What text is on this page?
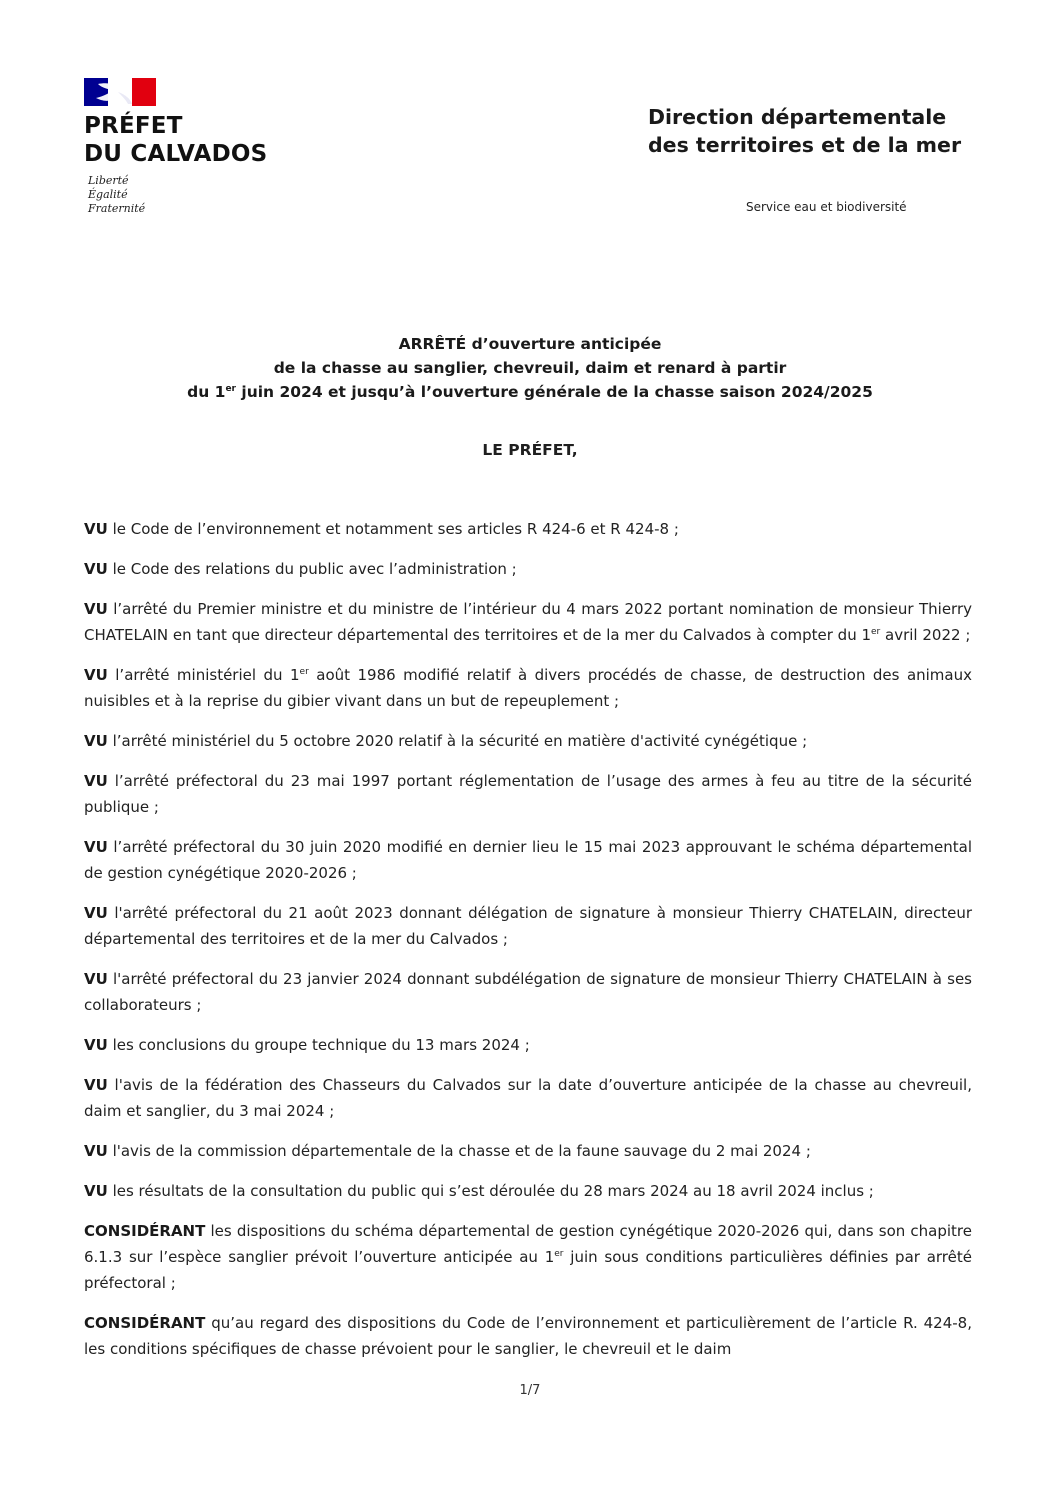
PRÉFET
DU CALVADOS
Liberté
Égalité
Fraternité
Direction départementale
des territoires et de la mer
Service eau et biodiversité
ARRÊTÉ d’ouverture anticipée
de la chasse au sanglier, chevreuil, daim et renard à partir
du 1er juin 2024 et jusqu’à l’ouverture générale de la chasse saison 2024/2025
LE PRÉFET,

VU le Code de l’environnement et notamment ses articles R 424-6 et R 424-8 ;

VU le Code des relations du public avec l’administration ;

VU l’arrêté du Premier ministre et du ministre de l’intérieur du 4 mars 2022 portant nomination de monsieur Thierry CHATELAIN en tant que directeur départemental des territoires et de la mer du Calvados à compter du 1er avril 2022 ;

VU l’arrêté ministériel du 1er août 1986 modifié relatif à divers procédés de chasse, de destruction des animaux nuisibles et à la reprise du gibier vivant dans un but de repeuplement ;

VU l’arrêté ministériel du 5 octobre 2020 relatif à la sécurité en matière d'activité cynégétique ;

VU l’arrêté préfectoral du 23 mai 1997 portant réglementation de l’usage des armes à feu au titre de la sécurité publique ;

VU l’arrêté préfectoral du 30 juin 2020 modifié en dernier lieu le 15 mai 2023 approuvant le schéma départemental de gestion cynégétique 2020-2026 ;

VU l'arrêté préfectoral du 21 août 2023 donnant délégation de signature à monsieur Thierry CHATELAIN, directeur départemental des territoires et de la mer du Calvados ;

VU l'arrêté préfectoral du 23 janvier 2024 donnant subdélégation de signature de monsieur Thierry CHATELAIN à ses collaborateurs ;

VU les conclusions du groupe technique du 13 mars 2024 ;

VU l'avis de la fédération des Chasseurs du Calvados sur la date d’ouverture anticipée de la chasse au chevreuil, daim et sanglier, du 3 mai 2024 ;

VU l'avis de la commission départementale de la chasse et de la faune sauvage du 2 mai 2024 ;

VU les résultats de la consultation du public qui s’est déroulée du 28 mars 2024 au 18 avril 2024 inclus ;

CONSIDÉRANT les dispositions du schéma départemental de gestion cynégétique 2020-2026 qui, dans son chapitre 6.1.3 sur l’espèce sanglier prévoit l’ouverture anticipée au 1er juin sous conditions particulières définies par arrêté préfectoral ;

CONSIDÉRANT qu’au regard des dispositions du Code de l’environnement et particulièrement de l’article R. 424-8, les conditions spécifiques de chasse prévoient pour le sanglier, le chevreuil et le daim

1/7
